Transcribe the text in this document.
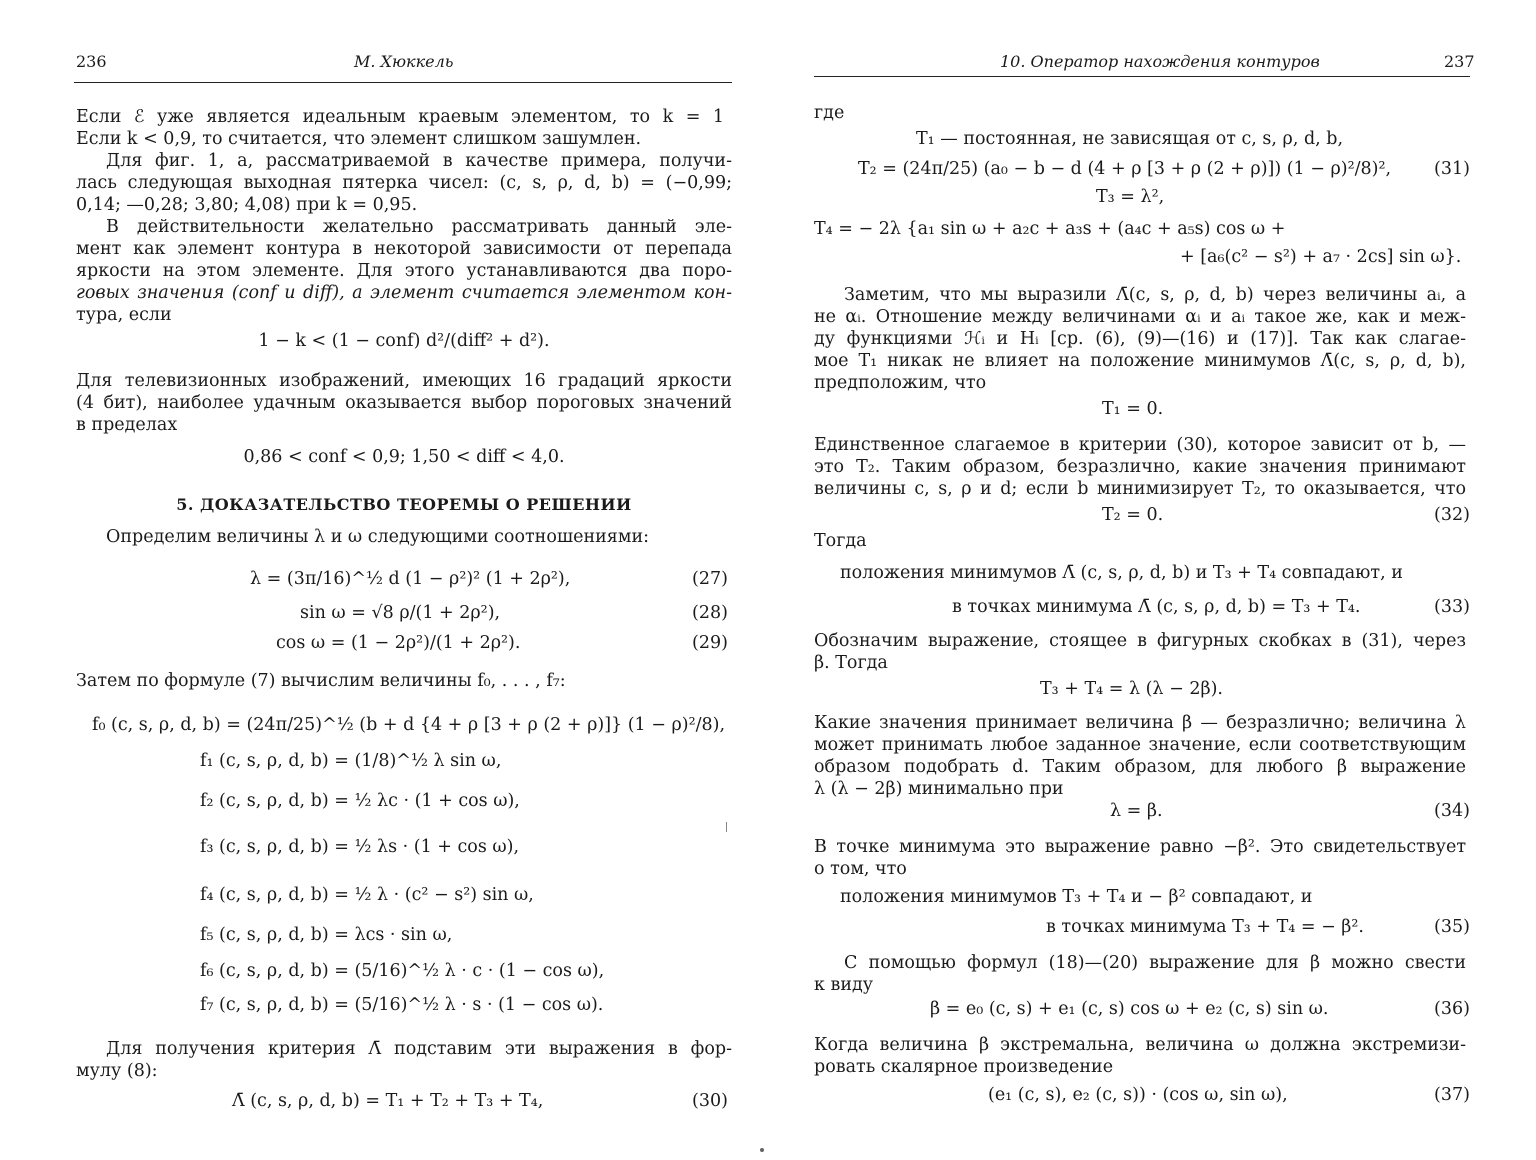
236	М. Хюккель
Если ℰ уже является идеальным краевым элементом, то k = 1
Если k < 0,9, то считается, что элемент слишком зашумлен.
Для фиг. 1, a, рассматриваемой в качестве примера, получи-
лась следующая выходная пятерка чисел: (c, s, ρ, d, b) = (−0,99;
0,14; —0,28; 3,80; 4,08) при k = 0,95.
В действительности желательно рассматривать данный эле-
мент как элемент контура в некоторой зависимости от перепада
яркости на этом элементе. Для этого устанавливаются два поро-
говых значения (conf и diff), а элемент считается элементом кон-
тура, если
1 − k < (1 − conf) d²/(diff² + d²).
Для телевизионных изображений, имеющих 16 градаций яркости
(4 бит), наиболее удачным оказывается выбор пороговых значений
в пределах
0,86 < conf < 0,9; 1,50 < diff < 4,0.
5. ДОКАЗАТЕЛЬСТВО ТЕОРЕМЫ О РЕШЕНИИ
Определим величины λ и ω следующими соотношениями:
λ = (3π/16)^½ d (1 − ρ²)² (1 + 2ρ²),	(27)
sin ω = √8 ρ/(1 + 2ρ²),	(28)
cos ω = (1 − 2ρ²)/(1 + 2ρ²).	(29)
Затем по формуле (7) вычислим величины f₀, . . . , f₇:
f₀ (c, s, ρ, d, b) = (24π/25)^½ (b + d {4 + ρ [3 + ρ (2 + ρ)]} (1 − ρ)²/8),
f₁ (c, s, ρ, d, b) = (1/8)^½ λ sin ω,
f₂ (c, s, ρ, d, b) = ½ λc · (1 + cos ω),
f₃ (c, s, ρ, d, b) = ½ λs · (1 + cos ω),
f₄ (c, s, ρ, d, b) = ½ λ · (c² − s²) sin ω,
f₅ (c, s, ρ, d, b) = λcs · sin ω,
f₆ (c, s, ρ, d, b) = (5/16)^½ λ · c · (1 − cos ω),
f₇ (c, s, ρ, d, b) = (5/16)^½ λ · s · (1 − cos ω).
Для получения критерия Λ̄ подставим эти выражения в фор-
мулу (8):
Λ̄ (c, s, ρ, d, b) = T₁ + T₂ + T₃ + T₄,	(30)
10. Оператор нахождения контуров	237
где
T₁ — постоянная, не зависящая от c, s, ρ, d, b,
T₂ = (24π/25) (a₀ − b − d (4 + ρ [3 + ρ (2 + ρ)]) (1 − ρ)²/8)², (31)
T₃ = λ²,
T₄ = − 2λ {a₁ sin ω + a₂c + a₃s + (a₄c + a₅s) cos ω +
+ [a₆(c² − s²) + a₇ · 2cs] sin ω}.
Заметим, что мы выразили Λ̄(c, s, ρ, d, b) через величины aᵢ, а
не αᵢ. Отношение между величинами αᵢ и aᵢ такое же, как и меж-
ду функциями ℋᵢ и Hᵢ [ср. (6), (9)—(16) и (17)]. Так как слагае-
мое T₁ никак не влияет на положение минимумов Λ̄(c, s, ρ, d, b),
предположим, что
T₁ = 0.
Единственное слагаемое в критерии (30), которое зависит от b, —
это T₂. Таким образом, безразлично, какие значения принимают
величины c, s, ρ и d; если b минимизирует T₂, то оказывается, что
T₂ = 0.	(32)
Тогда
положения минимумов Λ̄ (c, s, ρ, d, b) и T₃ + T₄ совпадают, и
в точках минимума Λ̄ (c, s, ρ, d, b) = T₃ + T₄.	(33)
Обозначим выражение, стоящее в фигурных скобках в (31), через
β. Тогда
T₃ + T₄ = λ (λ − 2β).
Какие значения принимает величина β — безразлично; величина λ
может принимать любое заданное значение, если соответствующим
образом подобрать d. Таким образом, для любого β выражение
λ (λ − 2β) минимально при
λ = β.	(34)
В точке минимума это выражение равно −β². Это свидетельствует
о том, что
положения минимумов T₃ + T₄ и − β² совпадают, и
в точках минимума T₃ + T₄ = − β².	(35)
С помощью формул (18)—(20) выражение для β можно свести
к виду
β = e₀ (c, s) + e₁ (c, s) cos ω + e₂ (c, s) sin ω.	(36)
Когда величина β экстремальна, величина ω должна экстремизи-
ровать скалярное произведение
(e₁ (c, s), e₂ (c, s)) · (cos ω, sin ω),	(37)
